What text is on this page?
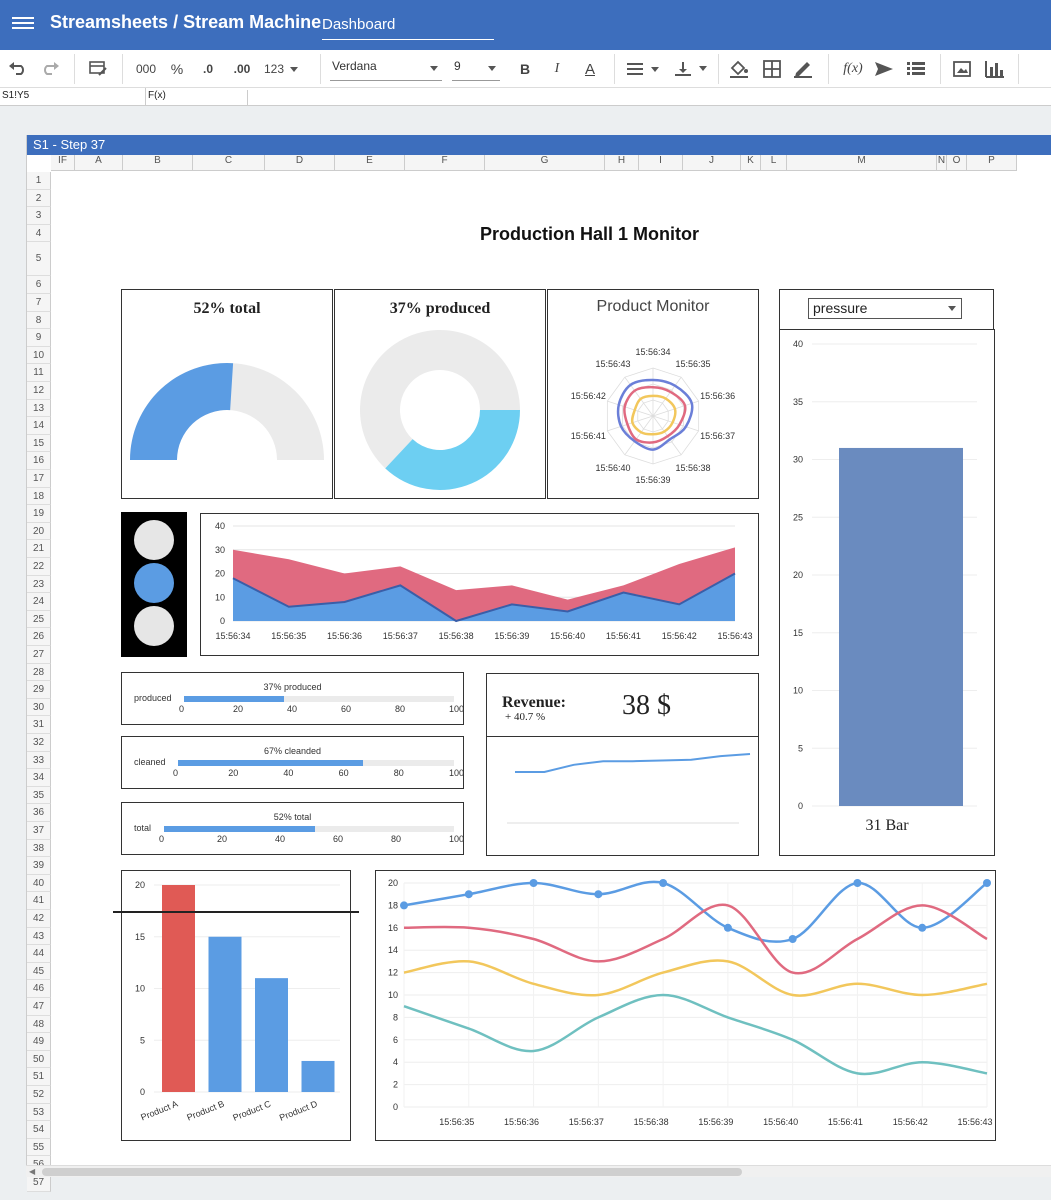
Streamsheets / Stream Machine Dashboard
000	%	.0	.00	123	Verdana	9	B	I	A	f(x)
S1!Y5	F(x)
S1 - Step 37
IF	A	B	C	D	E	F	G	H	I	J	K	L	M	N O	P
1
2
3
4
5
6
7
8
9
10
11
12
13
14
15
16
17
18
19
20
21
22
23
24
25
26
27
28
29
30
31
32
33
34
35
36
37
38
39
40
41
42
43
44
45
46
47
48
49
50
51
52
53
54
55
57
Production Hall 1 Monitor
52% total	37% produced	Product Monitor
15:56:34
15:56:35
15:56:36
15:56:37
15:56:38
15:56:39
15:56:40
15:56:41
15:56:42
15:56:43
pressure
0
5
10
15
20
25
30
35
40
31 Bar
0
10
20
30
40
15:56:34 15:56:35 15:56:36 15:56:37 15:56:38 15:56:39 15:56:40 15:56:41 15:56:42 15:56:43
37% produced
produced
0	20	40	60	80	100
67% cleanded
cleaned
0	20	40	60	80	100
52% total
total
0	20	40	60	80	100
Revenue:
+ 40.7 %	38 $
0
5
10
15
20
Product A Product B Product C Product D	0
2
4
6
8
10
12
14
16
18
20
15:56:35	15:56:36	15:56:37	15:56:38	15:56:39	15:56:40	15:56:41	15:56:42	15:56:43
◀
